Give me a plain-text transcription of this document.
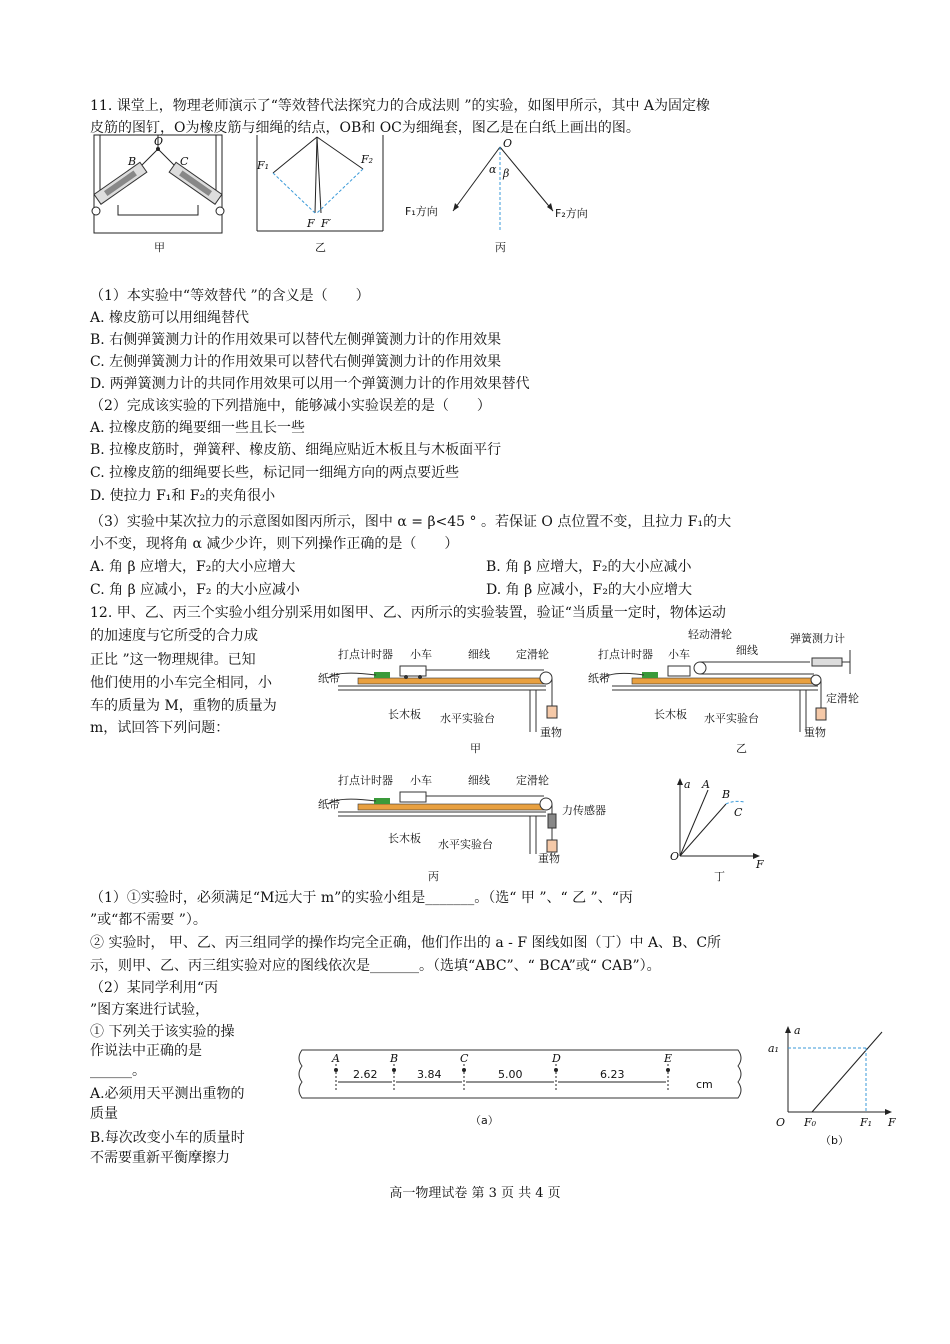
11. 课堂上，物理老师演示了“等效替代法探究力的合成法则 ”的实验，如图甲所示，其中 A为固定橡
皮筋的图钉，O为橡皮筋与细绳的结点，OB和 OC为细绳套，图乙是在白纸上画出的图。
B	C
O
甲
F₁	F₂
F F′
乙
O
α β
F₁方向	F₂方向
丙
（1）本实验中“等效替代 ”的含义是（　　）
A. 橡皮筋可以用细绳替代
B. 右侧弹簧测力计的作用效果可以替代左侧弹簧测力计的作用效果
C. 左侧弹簧测力计的作用效果可以替代右侧弹簧测力计的作用效果
D. 两弹簧测力计的共同作用效果可以用一个弹簧测力计的作用效果替代
（2）完成该实验的下列措施中，能够减小实验误差的是（　　）
A. 拉橡皮筋的绳要细一些且长一些
B. 拉橡皮筋时，弹簧秤、橡皮筋、细绳应贴近木板且与木板面平行
C. 拉橡皮筋的细绳要长些，标记同一细绳方向的两点要近些
D. 使拉力 F₁和 F₂的夹角很小
（3）实验中某次拉力的示意图如图丙所示，图中 α = β<45 ° 。若保证 O 点位置不变，且拉力 F₁的大
小不变，现将角 α 减少少许，则下列操作正确的是（　　）
A. 角 β 应增大，F₂的大小应增大	B. 角 β 应增大，F₂的大小应减小
C. 角 β 应减小，F₂ 的大小应减小	D. 角 β 应减小，F₂的大小应增大
12. 甲、乙、丙三个实验小组分别采用如图甲、乙、丙所示的实验装置，验证“当质量一定时，物体运动
的加速度与它所受的合力成
正比 ”这一物理规律。已知
他们使用的小车完全相同，小
车的质量为 M，重物的质量为
m，试回答下列问题：
打点计时器 小车	细线 定滑轮
纸带
长木板 水平实验台
重物
甲
打点计时器 小车
轻动滑轮
细线
弹簧测力计
纸带
定滑轮
长木板 水平实验台
重物
乙
打点计时器 小车	细线 定滑轮
力传感器
纸带
长木板 水平实验台
重物
丙
a A
B
C
O
F
丁
（1）①实验时，必须满足“M远大于 m”的实验小组是_______。（选“ 甲 ”、“ 乙 ”、“丙
”或“都不需要 ”）。
② 实验时， 甲、乙、丙三组同学的操作均完全正确，他们作出的 a - F 图线如图（丁）中 A、B、C所
示，则甲、乙、丙三组实验对应的图线依次是_______。（选填“ABC”、“ BCA”或“ CAB”）。
（2）某同学利用“丙
”图方案进行试验，
① 下列关于该实验的操
作说法中正确的是
______。
A.必须用天平测出重物的
质量
B.每次改变小车的质量时
不需要重新平衡摩擦力
A	B	C	D	E
2.62	3.84	5.00	6.23
cm
（a）
a
a₁
O F₀	F₁ F
（b）
高一物理试卷 第 3 页 共 4 页
